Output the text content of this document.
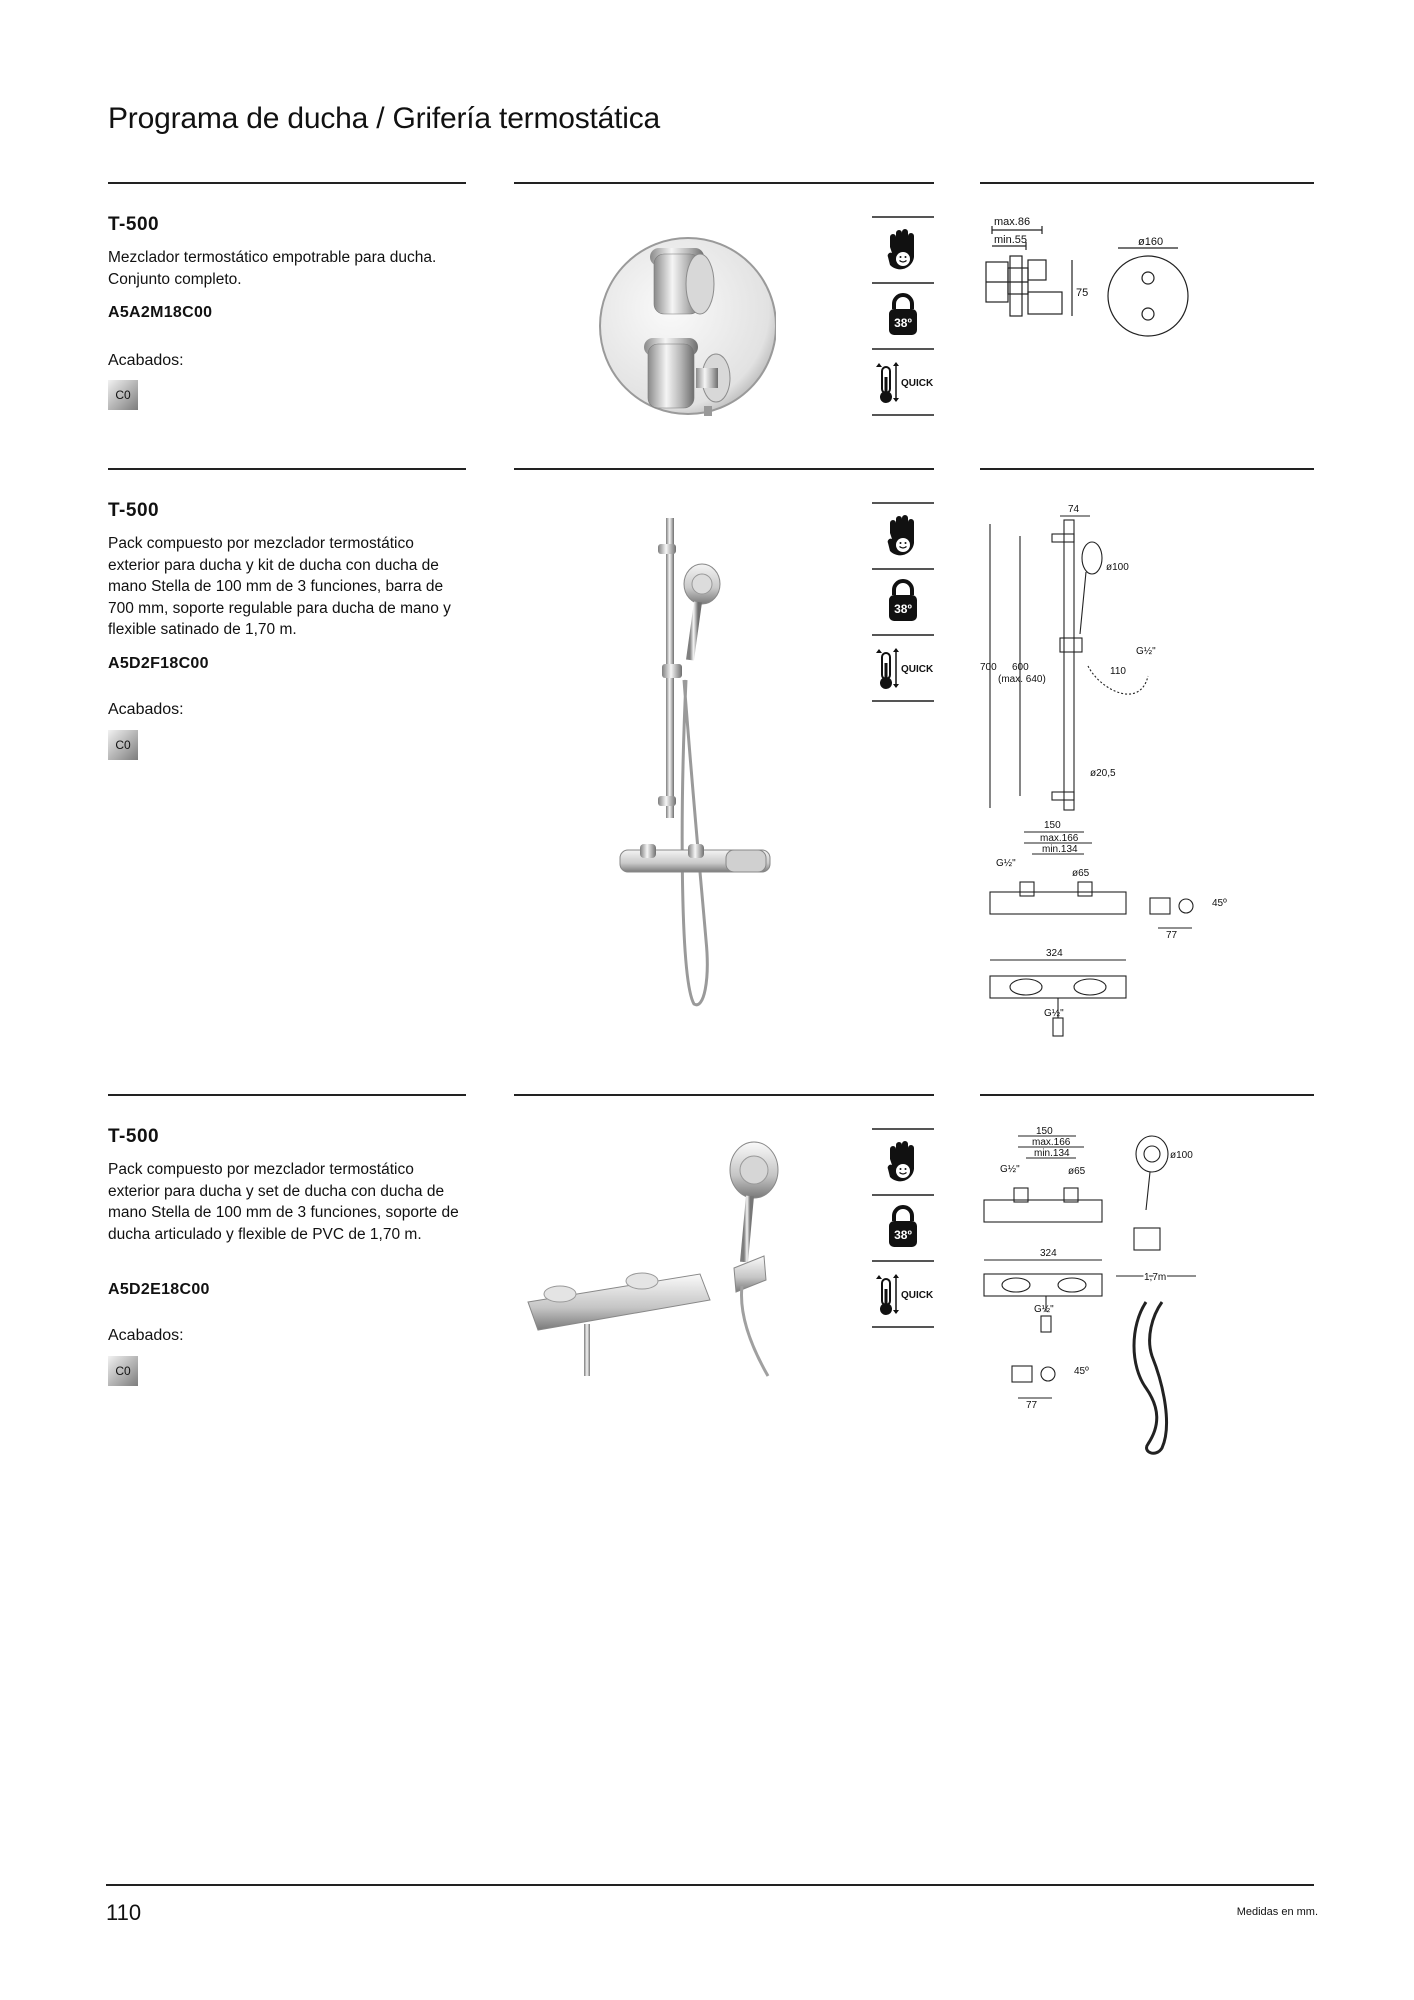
Programa de ducha / Grifería termostática
T-500
Mezclador termostático empotrable para ducha. Conjunto completo.
A5A2M18C00
Acabados:
C0
38º
QUICK
max.86
min.55
75
ø160
T-500
Pack compuesto por mezclador termostático exterior para ducha y kit de ducha con ducha de mano Stella de 100 mm de 3 funciones, barra de 700 mm, soporte regulable para ducha de mano y flexible satinado de 1,70 m.
A5D2F18C00
Acabados:
C0
38º
QUICK
74
ø100
G½"
110
700 600
(max. 640)
ø20,5
150
max.166
min.134
G½"
ø65
45º
77
324
G½"
T-500
Pack compuesto por mezclador termostático exterior para ducha y set de ducha con ducha de mano Stella de 100 mm de 3 funciones, soporte de ducha articulado y flexible de PVC de 1,70 m.
A5D2E18C00
Acabados:
C0
38º
QUICK
150
max.166
min.134
G½"	ø65
324
G½"
45º
77
ø100
1,7m
110	Medidas en mm.
